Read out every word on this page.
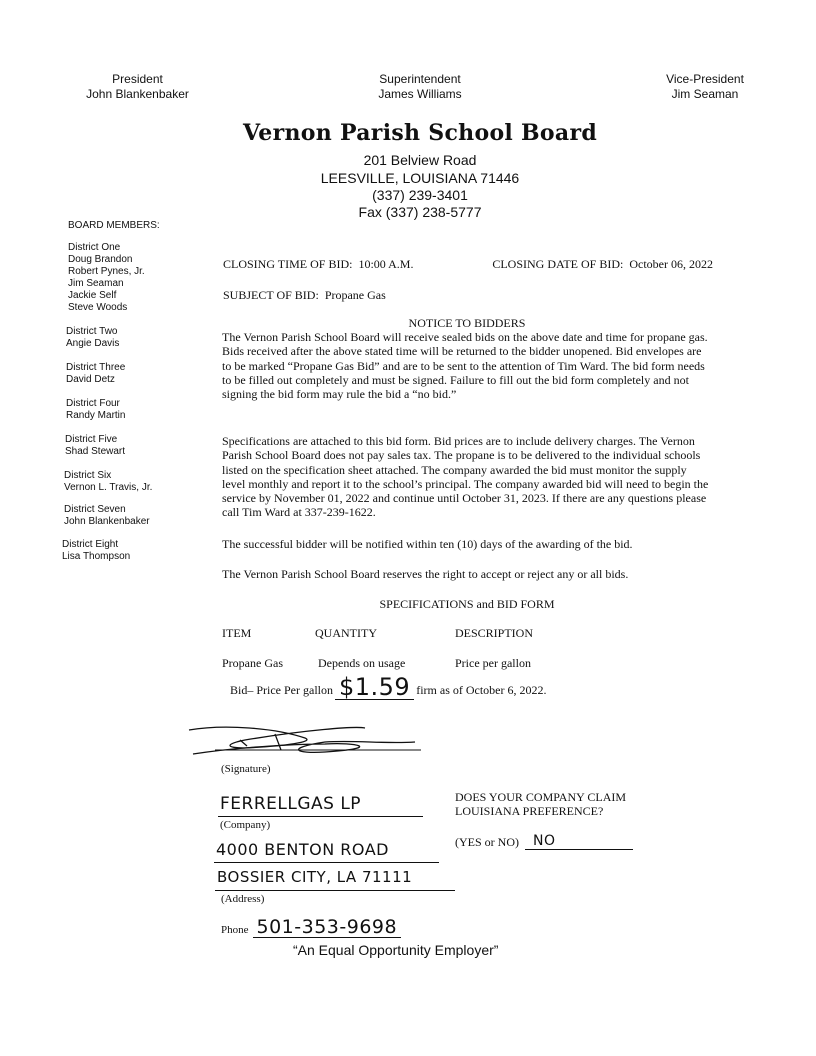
President
John Blankenbaker
Superintendent
James Williams
Vice-President
Jim Seaman
Vernon Parish School Board
201 Belview Road
LEESVILLE, LOUISIANA 71446
(337) 239-3401
Fax (337) 238-5777
BOARD MEMBERS:
District One
Doug Brandon
Robert Pynes, Jr.
Jim Seaman
Jackie Self
Steve Woods
District Two
Angie Davis
District Three
David Detz
District Four
Randy Martin
District Five
Shad Stewart
District Six
Vernon L. Travis, Jr.
District Seven
John Blankenbaker
District Eight
Lisa Thompson
CLOSING TIME OF BID: 10:00 A.M.	CLOSING DATE OF BID: October 06, 2022
SUBJECT OF BID: Propane Gas
NOTICE TO BIDDERS
The Vernon Parish School Board will receive sealed bids on the above date and time for propane gas. Bids received after the above stated time will be returned to the bidder unopened. Bid envelopes are to be marked “Propane Gas Bid” and are to be sent to the attention of Tim Ward. The bid form needs to be filled out completely and must be signed. Failure to fill out the bid form completely and not signing the bid form may rule the bid a “no bid.”
Specifications are attached to this bid form. Bid prices are to include delivery charges. The Vernon Parish School Board does not pay sales tax. The propane is to be delivered to the individual schools listed on the specification sheet attached. The company awarded the bid must monitor the supply level monthly and report it to the school’s principal. The company awarded bid will need to begin the service by November 01, 2022 and continue until October 31, 2023. If there are any questions please call Tim Ward at 337-239-1622.
The successful bidder will be notified within ten (10) days of the awarding of the bid.
The Vernon Parish School Board reserves the right to accept or reject any or all bids.
SPECIFICATIONS and BID FORM
ITEM	QUANTITY	DESCRIPTION
Propane Gas	Depends on usage	Price per gallon
Bid– Price Per gallon $1.59 firm as of October 6, 2022.
(Signature)
FERRELLGAS LP
(Company)
4000 BENTON ROAD
BOSSIER CITY, LA 71111
(Address)
Phone 501-353-9698
DOES YOUR COMPANY CLAIM
LOUISIANA PREFERENCE?
(YES or NO)	NO
“An Equal Opportunity Employer”
